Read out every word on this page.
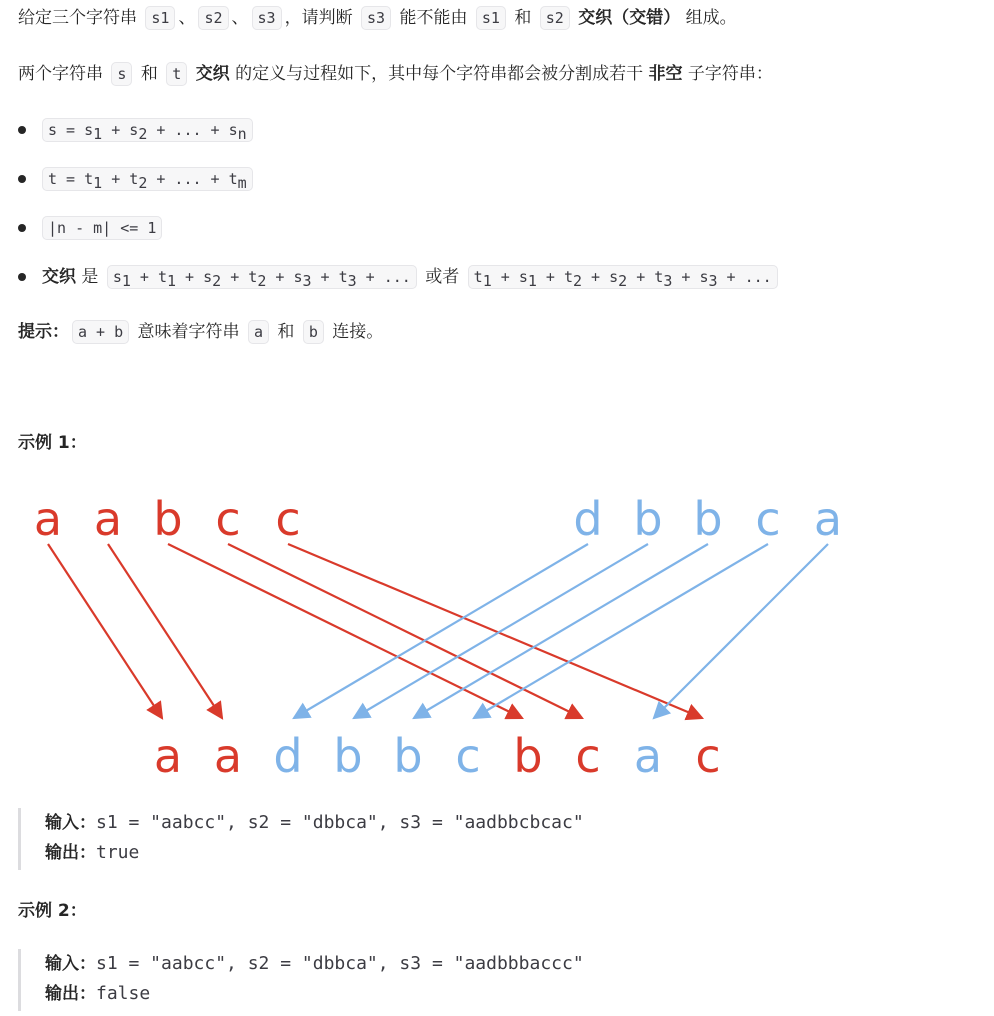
给定三个字符串 s1 、 s2 、 s3 ，请判断 s3 能不能由 s1 和 s2 交织（交错） 组成。
两个字符串 s 和 t 交织 的定义与过程如下，其中每个字符串都会被分割成若干 非空 子字符串：
$s = s_1 + s_2$ + ... + $s_n$
$t = t_1 + t_2$ + ... + $t_m$
|n - m| <= 1
交织 是 $s_1 + t_1 + s_2 + t_2 + s_3 + t_3$ + ... 或者 $t_1 + s_1 + t_2 + s_2 + t_3 + s_3$ + ...
提示： a + b 意味着字符串 a 和 b 连接。
示例 1：
a a b c c	d b b c a
a a d b b c b c a c
输入：s1 = "aabcc", s2 = "dbbca", s3 = "aadbbcbcac"
输出：true
示例 2：
输入：s1 = "aabcc", s2 = "dbbca", s3 = "aadbbbaccc"
输出：false
